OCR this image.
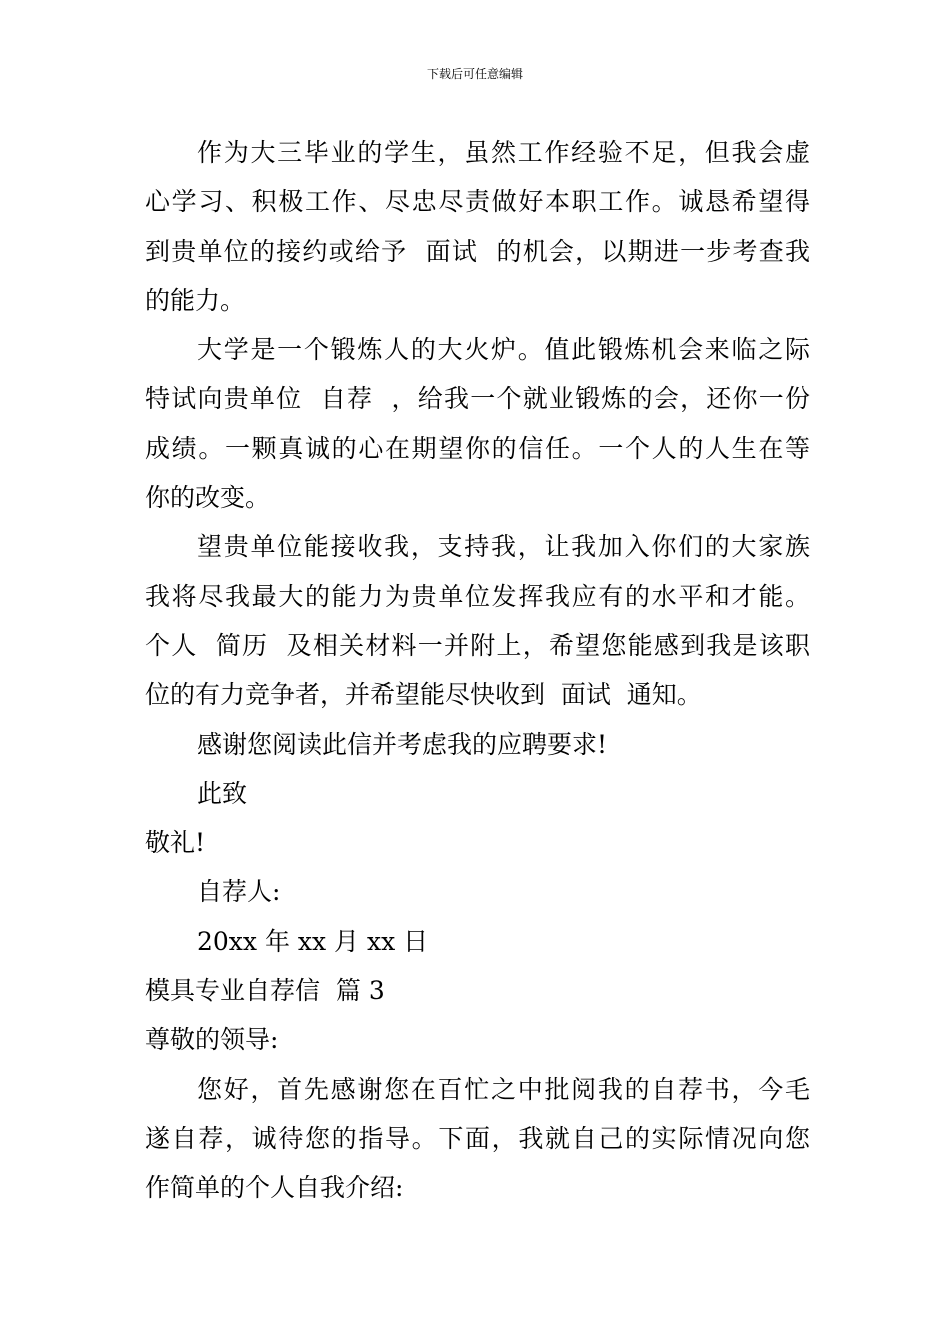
下载后可任意编辑
作为大三毕业的学生，虽然工作经验不足，但我会虚
心学习、积极工作、尽忠尽责做好本职工作。诚恳希望得
到贵单位的接约或给予  面试  的机会，以期进一步考查我
的能力。
大学是一个锻炼人的大火炉。值此锻炼机会来临之际
特试向贵单位  自荐  ，给我一个就业锻炼的会，还你一份
成绩。一颗真诚的心在期望你的信任。一个人的人生在等
你的改变。
望贵单位能接收我，支持我，让我加入你们的大家族
我将尽我最大的能力为贵单位发挥我应有的水平和才能。
个人  简历  及相关材料一并附上，希望您能感到我是该职
位的有力竞争者，并希望能尽快收到  面试  通知。
感谢您阅读此信并考虑我的应聘要求!
此致
敬礼!
自荐人:
20xx 年 xx 月 xx 日
模具专业自荐信  篇 3
尊敬的领导:
您好，首先感谢您在百忙之中批阅我的自荐书，今毛
遂自荐，诚待您的指导。下面，我就自己的实际情况向您
作简单的个人自我介绍:
